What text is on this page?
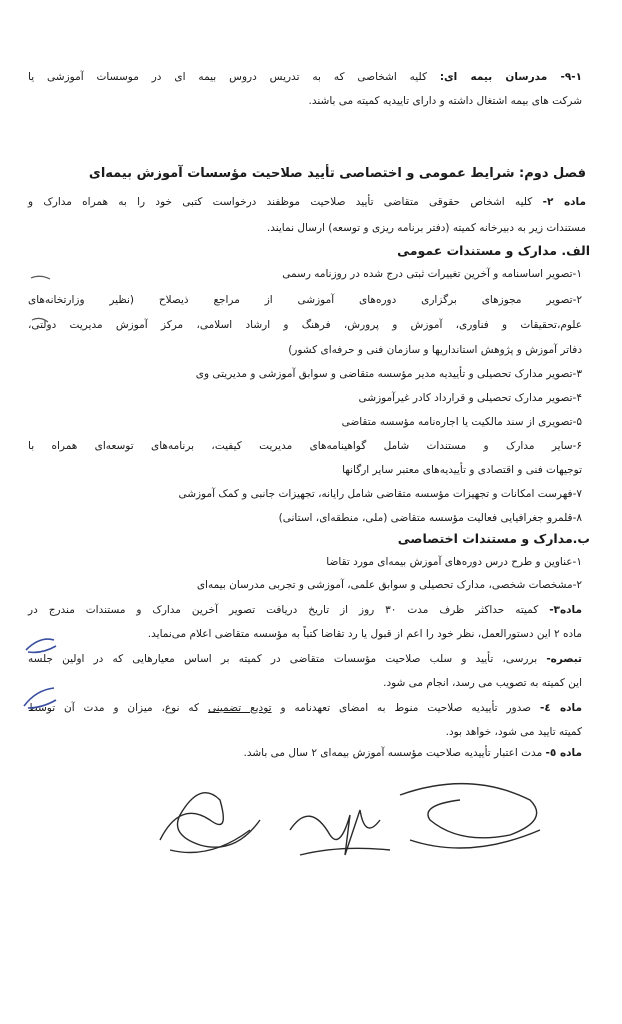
۹-۱- مدرسان بیمه ای: کلیه اشخاصی که به تدریس دروس بیمه ای در موسسات آموزشی یا
شرکت های بیمه اشتغال داشته و دارای تاییدیه کمیته می باشند.
فصل دوم: شرایط عمومی و اختصاصی تأیید صلاحیت مؤسسات آموزش بیمه‌ای
ماده ۲- کلیه اشخاص حقوقی متقاضی تأیید صلاحیت موظفند درخواست کتبی خود را به همراه مدارک و
مستندات زیر به دبیرخانه کمیته (دفتر برنامه ریزی و توسعه) ارسال نمایند.
الف. مدارک و مستندات عمومی
۱-تصویر اساسنامه و آخرین تغییرات ثبتی درج شده در روزنامه رسمی
۲-تصویر مجوزهای برگزاری دوره‌های آموزشی از مراجع ذیصلاح (نظیر وزارتخانه‌های
علوم،تحقیقات و فناوری، آموزش و پرورش، فرهنگ و ارشاد اسلامی، مرکز آموزش مدیریت دولتی،
دفاتر آموزش و پژوهش استانداریها و سازمان فنی و حرفه‌ای کشور)
۳-تصویر مدارک تحصیلی و تأییدیه مدیر مؤسسه متقاضی و سوابق آموزشی و مدیریتی وی
۴-تصویر مدارک تحصیلی و قرارداد کادر غیرآموزشی
۵-تصویری از سند مالکیت یا اجاره‌نامه مؤسسه متقاضی
۶-سایر مدارک و مستندات شامل گواهینامه‌های مدیریت کیفیت، برنامه‌های توسعه‌ای همراه با
توجیهات فنی و اقتصادی و تأییدیه‌های معتبر سایر ارگانها
۷-فهرست امکانات و تجهیزات مؤسسه متقاضی شامل رایانه، تجهیزات جانبی و کمک آموزشی
۸-قلمرو جغرافیایی فعالیت مؤسسه متقاضی (ملی، منطقه‌ای، استانی)
ب.مدارک و مستندات اختصاصی
۱-عناوین و طرح درس دوره‌های آموزش بیمه‌ای مورد تقاضا
۲-مشخصات شخصی، مدارک تحصیلی و سوابق علمی، آموزشی و تجربی مدرسان بیمه‌ای
ماده۳- کمیته حداکثر ظرف مدت ۳۰ روز از تاریخ دریافت تصویر آخرین مدارک و مستندات مندرج در
ماده ۲ این دستورالعمل، نظر خود را اعم از قبول یا رد تقاضا کتباً به مؤسسه متقاضی اعلام می‌نماید.
تبصره- بررسی، تأیید و سلب صلاحیت مؤسسات متقاضی در کمیته بر اساس معیارهایی که در اولین جلسه
این کمیته به تصویب می رسد، انجام می شود.
ماده ٤- صدور تأییدیه صلاحیت منوط به امضای تعهدنامه و تودیع تضمینی که نوع، میزان و مدت آن توسط
کمیته تایید می شود، خواهد بود.
ماده ٥- مدت اعتبار تأییدیه صلاحیت مؤسسه آموزش بیمه‌ای ۲ سال می باشد.
